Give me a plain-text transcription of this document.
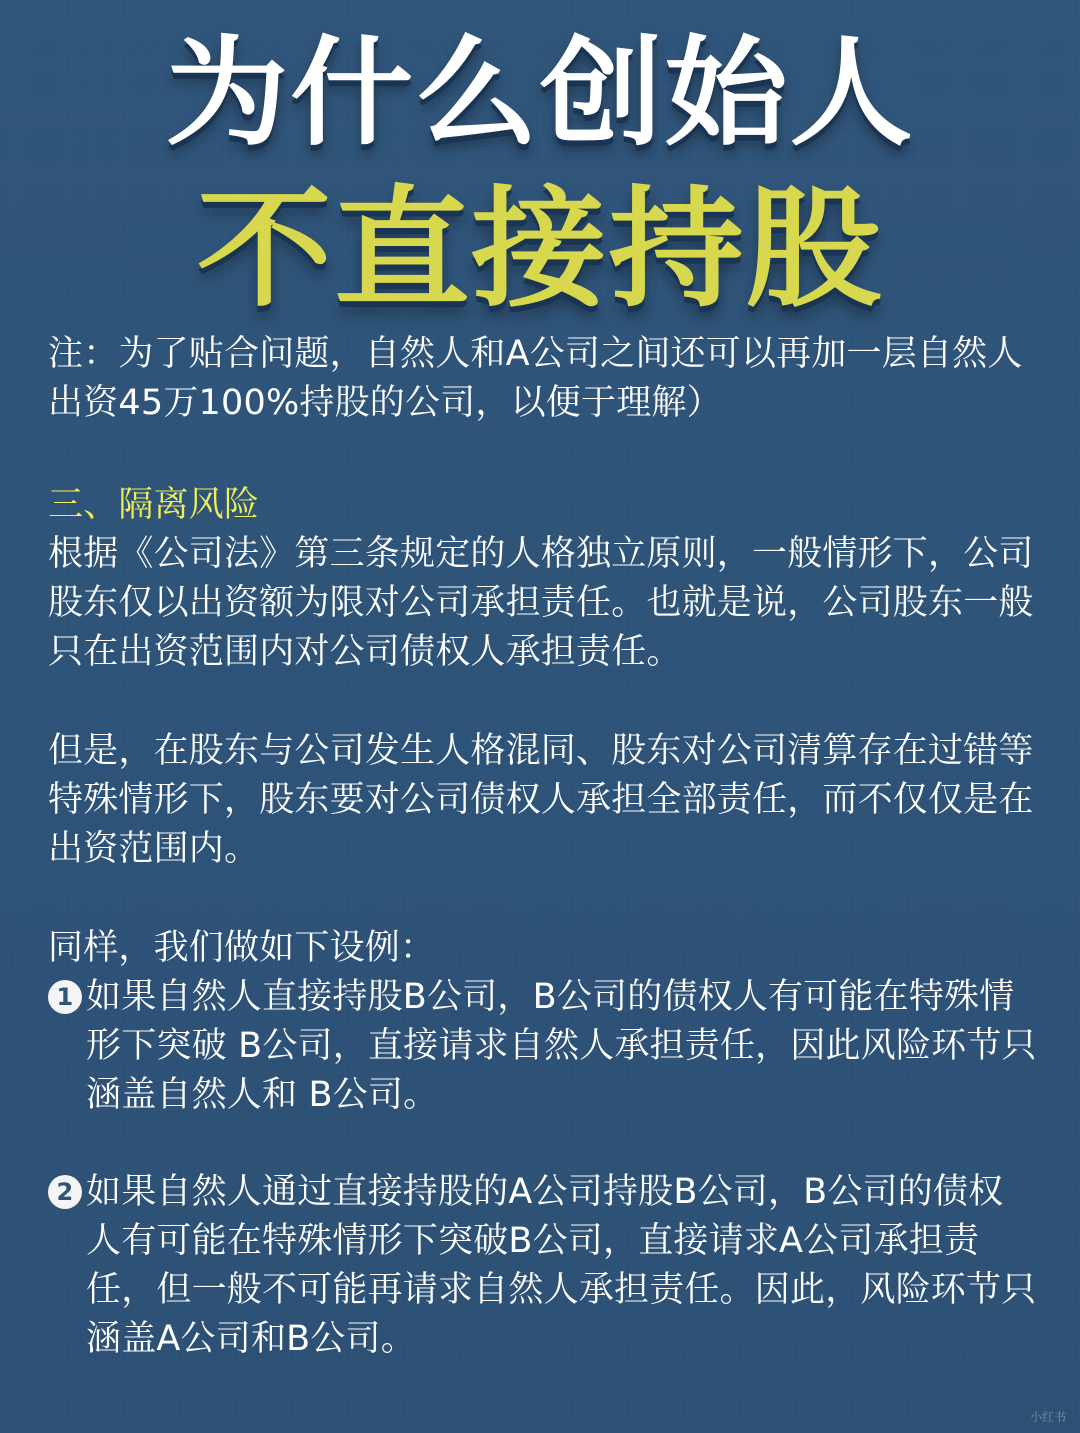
为什么创始人
不直接持股
注：为了贴合问题，自然人和A公司之间还可以再加一层自然人出资45万100%持股的公司，以便于理解）
三、隔离风险
根据《公司法》第三条规定的人格独立原则，一般情形下，公司股东仅以出资额为限对公司承担责任。也就是说，公司股东一般只在出资范围内对公司债权人承担责任。
但是，在股东与公司发生人格混同、股东对公司清算存在过错等特殊情形下，股东要对公司债权人承担全部责任，而不仅仅是在出资范围内。
同样，我们做如下设例：
1 如果自然人直接持股B公司，B公司的债权人有可能在特殊情形下突破 B公司，直接请求自然人承担责任，因此风险环节只涵盖自然人和 B公司。
2 如果自然人通过直接持股的A公司持股B公司，B公司的债权人有可能在特殊情形下突破B公司，直接请求A公司承担责任，但一般不可能再请求自然人承担责任。因此，风险环节只涵盖A公司和B公司。
小红书
